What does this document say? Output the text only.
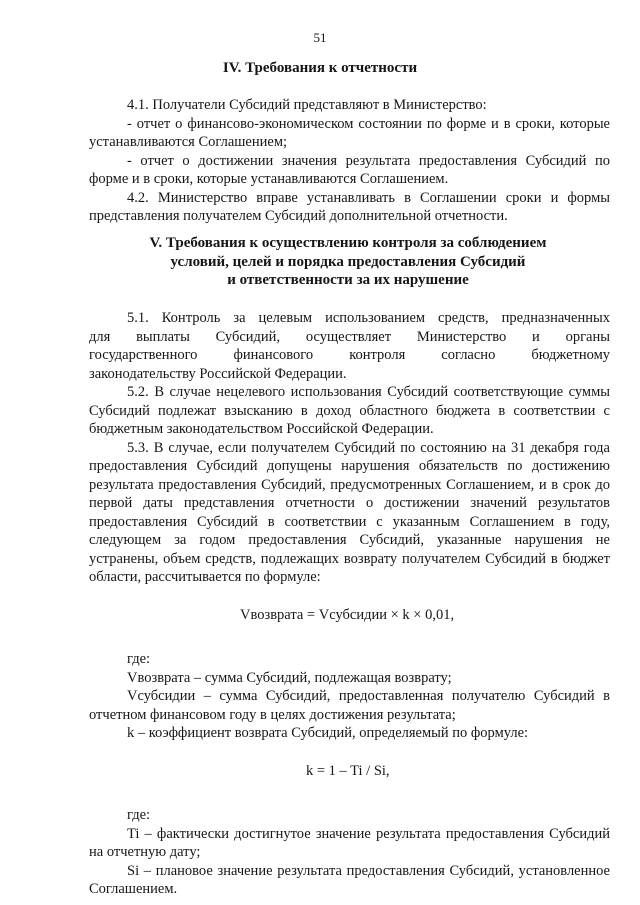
51
IV. Требования к отчетности

4.1. Получатели Субсидий представляют в Министерство:

- отчет о финансово-экономическом состоянии по форме и в сроки, которые устанавливаются Соглашением;

- отчет о достижении значения результата предоставления Субсидий по форме и в сроки, которые устанавливаются Соглашением.

4.2. Министерство вправе устанавливать в Соглашении сроки и формы представления получателем Субсидий дополнительной отчетности.

V. Требования к осуществлению контроля за соблюдением
условий, целей и порядка предоставления Субсидий
и ответственности за их нарушение

5.1. Контроль за целевым использованием средств, предназначенных

для выплаты Субсидий, осуществляет Министерство и органы

государственного финансового контроля согласно бюджетному

законодательству Российской Федерации.

5.2. В случае нецелевого использования Субсидий соответствующие суммы Субсидий подлежат взысканию в доход областного бюджета в соответствии с бюджетным законодательством Российской Федерации.

5.3. В случае, если получателем Субсидий по состоянию на 31 декабря года предоставления Субсидий допущены нарушения обязательств по достижению результата предоставления Субсидий, предусмотренных Соглашением, и в срок до первой даты представления отчетности о достижении значений результатов предоставления Субсидий в соответствии с указанным Соглашением в году, следующем за годом предоставления Субсидий, указанные нарушения не устранены, объем средств, подлежащих возврату получателем Субсидий в бюджет области, рассчитывается по формуле:

Vвозврата = Vсубсидии × k × 0,01,

где:

Vвозврата – сумма Субсидий, подлежащая возврату;

Vсубсидии – сумма Субсидий, предоставленная получателю Субсидий в отчетном финансовом году в целях достижения результата;

k – коэффициент возврата Субсидий, определяемый по формуле:

k = 1 – Ti / Si,

где:

Ti – фактически достигнутое значение результата предоставления Субсидий на отчетную дату;

Si – плановое значение результата предоставления Субсидий, установленное Соглашением.
